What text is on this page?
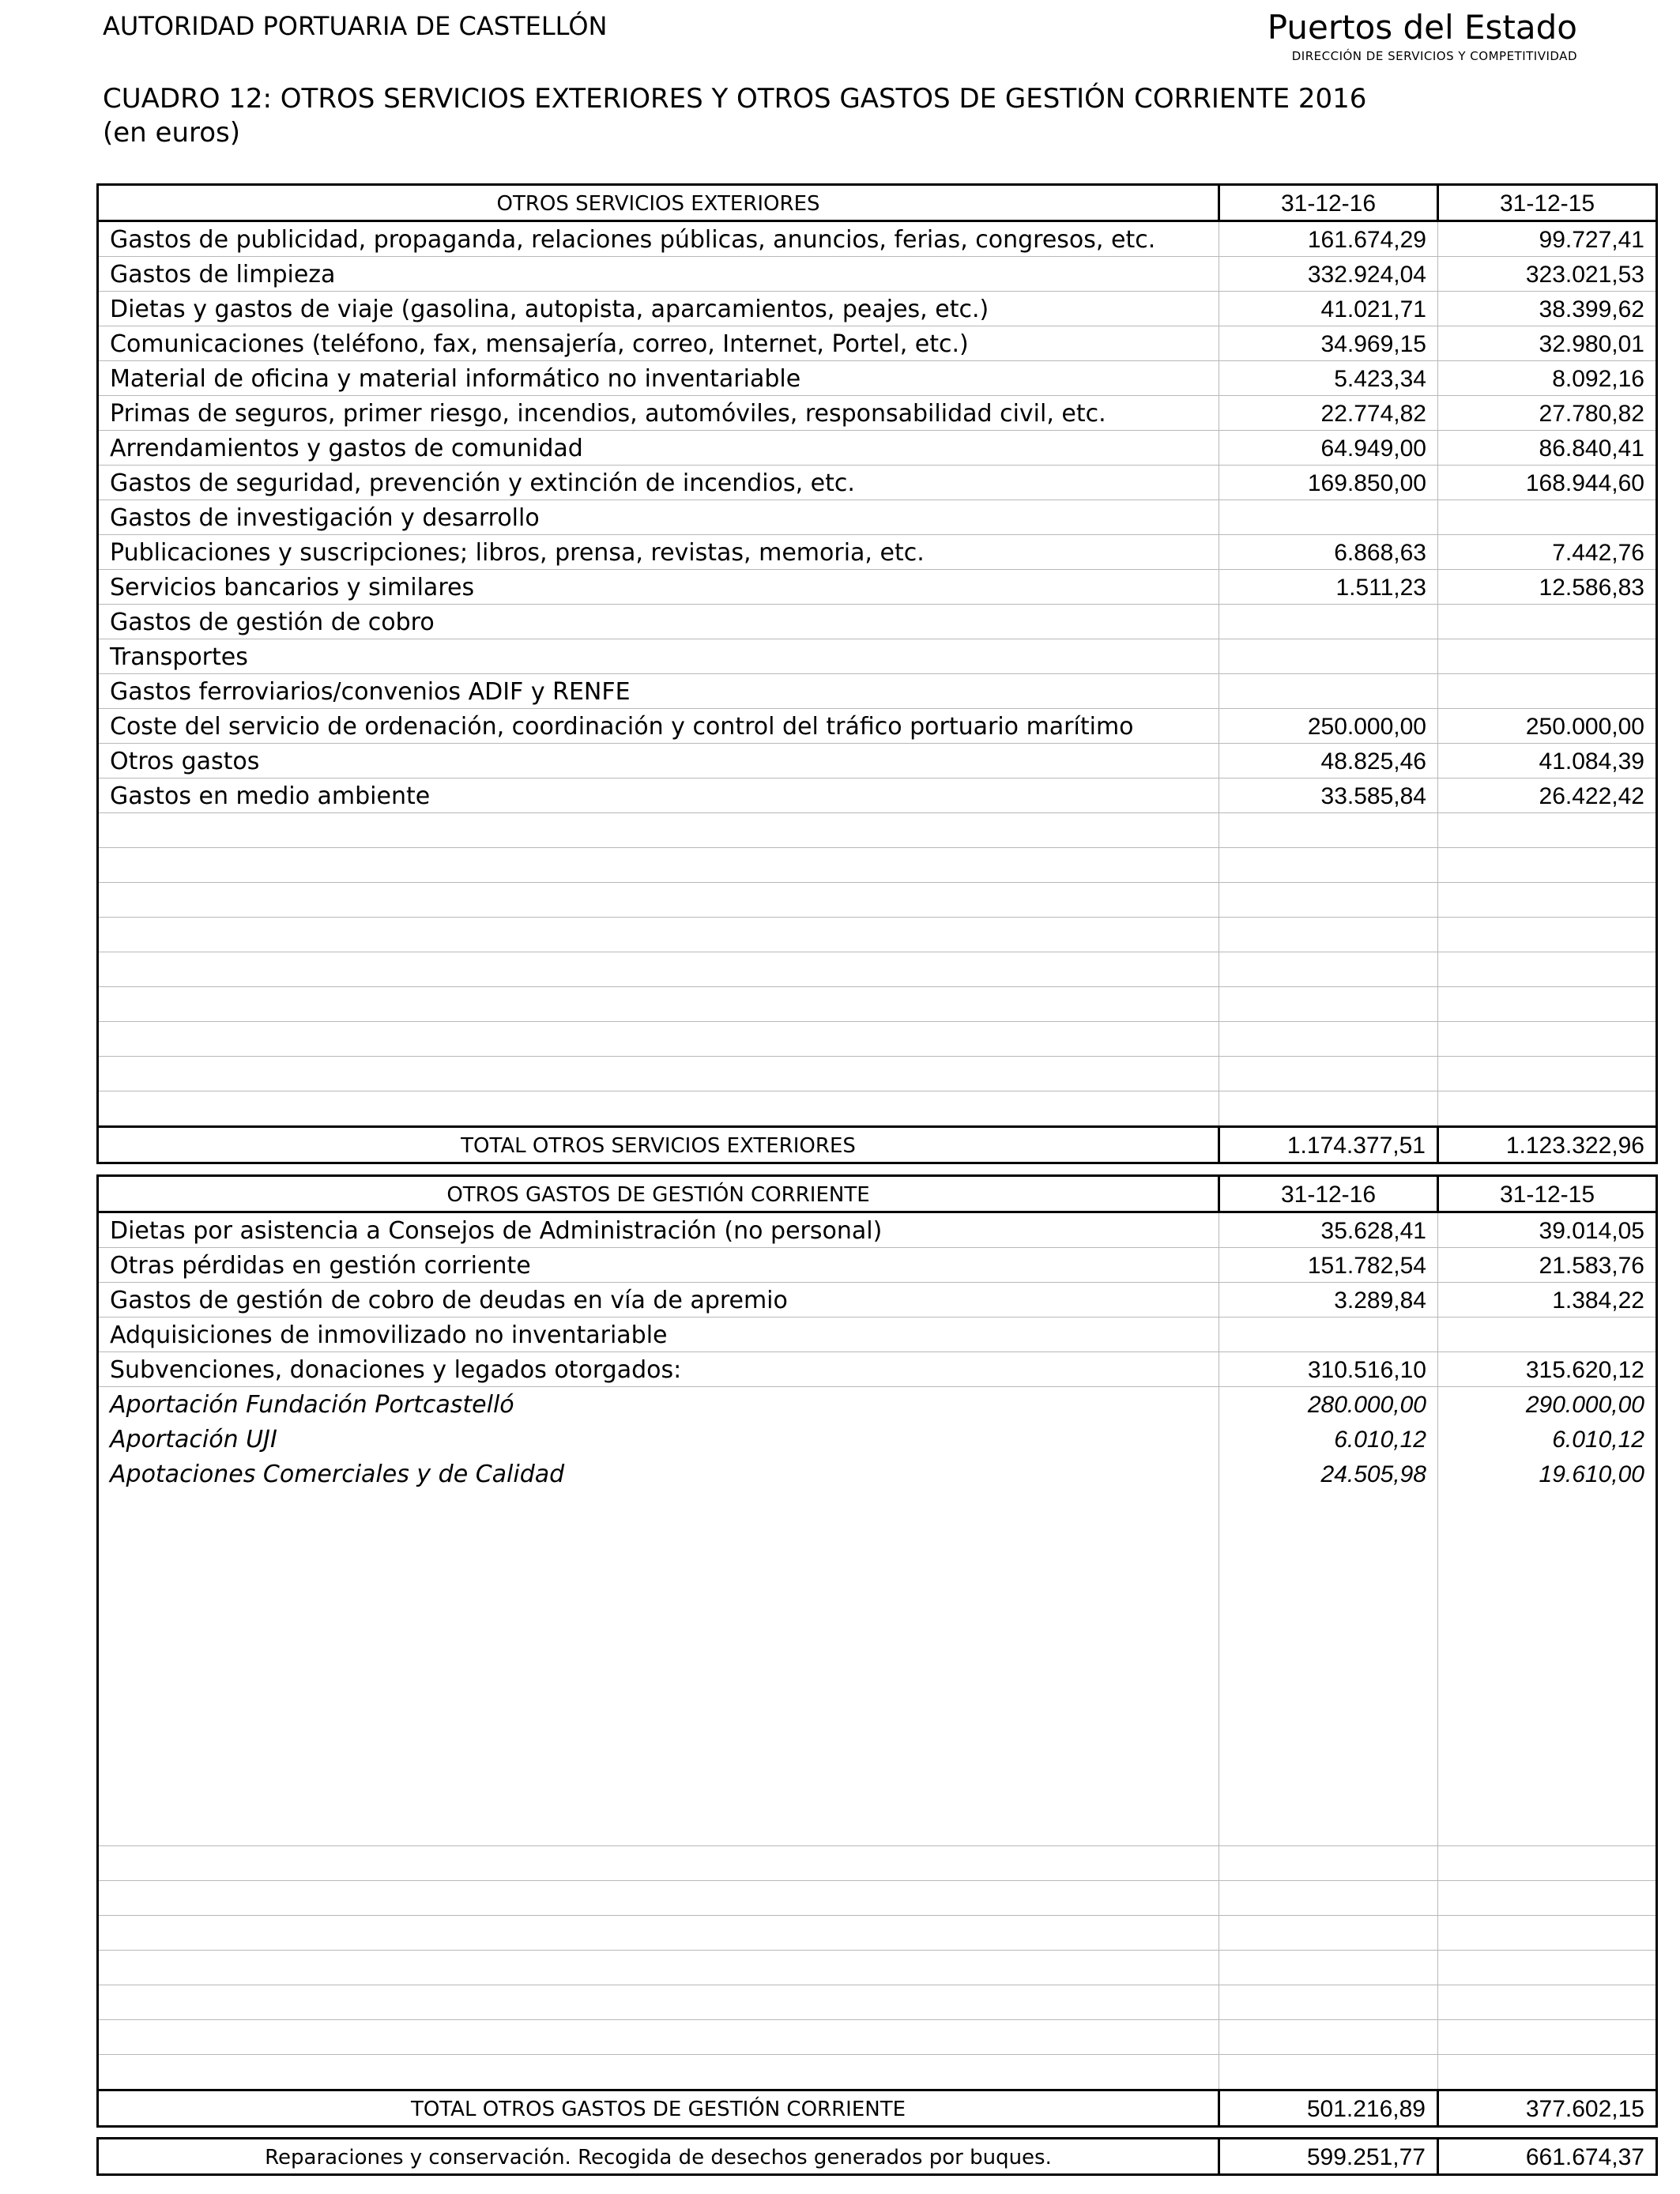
AUTORIDAD PORTUARIA DE CASTELLÓN	Puertos del Estado
DIRECCIÓN DE SERVICIOS Y COMPETITIVIDAD
CUADRO 12: OTROS SERVICIOS EXTERIORES Y OTROS GASTOS DE GESTIÓN CORRIENTE 2016
(en euros)
OTROS SERVICIOS EXTERIORES	31-12-16	31-12-15
Gastos de publicidad, propaganda, relaciones públicas, anuncios, ferias, congresos, etc.	161.674,29	99.727,41
Gastos de limpieza	332.924,04	323.021,53
Dietas y gastos de viaje (gasolina, autopista, aparcamientos, peajes, etc.)	41.021,71	38.399,62
Comunicaciones (teléfono, fax, mensajería, correo, Internet, Portel, etc.)	34.969,15	32.980,01
Material de oficina y material informático no inventariable	5.423,34	8.092,16
Primas de seguros, primer riesgo, incendios, automóviles, responsabilidad civil, etc.	22.774,82	27.780,82
Arrendamientos y gastos de comunidad	64.949,00	86.840,41
Gastos de seguridad, prevención y extinción de incendios, etc.	169.850,00	168.944,60
Gastos de investigación y desarrollo		
Publicaciones y suscripciones; libros, prensa, revistas, memoria, etc.	6.868,63	7.442,76
Servicios bancarios y similares	1.511,23	12.586,83
Gastos de gestión de cobro		
Transportes		
Gastos ferroviarios/convenios ADIF y RENFE		
Coste del servicio de ordenación, coordinación y control del tráfico portuario marítimo	250.000,00	250.000,00
Otros gastos	48.825,46	41.084,39
Gastos en medio ambiente	33.585,84	26.422,42

TOTAL OTROS SERVICIOS EXTERIORES	1.174.377,51	1.123.322,96
OTROS GASTOS DE GESTIÓN CORRIENTE	31-12-16	31-12-15
Dietas por asistencia a Consejos de Administración (no personal)	35.628,41	39.014,05
Otras pérdidas en gestión corriente	151.782,54	21.583,76
Gastos de gestión de cobro de deudas en vía de apremio	3.289,84	1.384,22
Adquisiciones de inmovilizado no inventariable		
Subvenciones, donaciones y legados otorgados:	310.516,10	315.620,12
Aportación Fundación Portcastelló	280.000,00	290.000,00
Aportación UJI	6.010,12	6.010,12
Apotaciones Comerciales y de Calidad	24.505,98	19.610,00

TOTAL OTROS GASTOS DE GESTIÓN CORRIENTE	501.216,89	377.602,15
Reparaciones y conservación. Recogida de desechos generados por buques.	599.251,77	661.674,37
